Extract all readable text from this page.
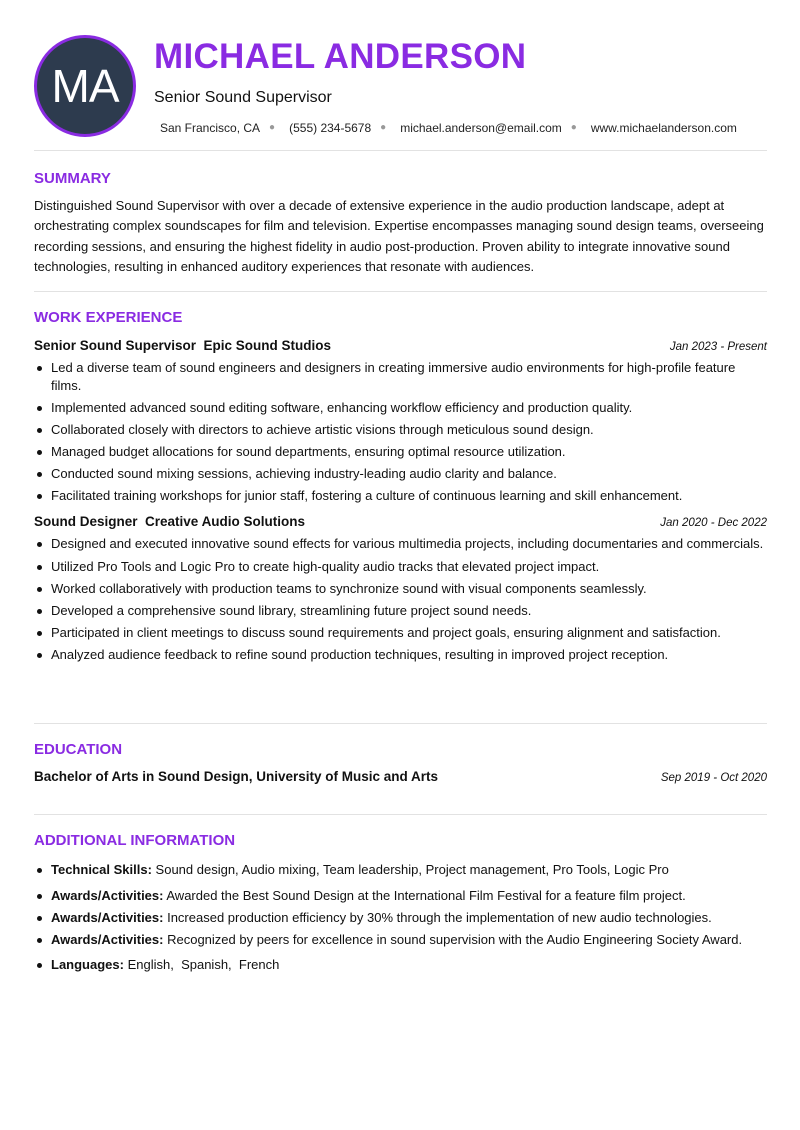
MA
MICHAEL ANDERSON
Senior Sound Supervisor
San Francisco, CA ● (555) 234-5678 ● michael.anderson@email.com ● www.michaelanderson.com
SUMMARY

Distinguished Sound Supervisor with over a decade of extensive experience in the audio production landscape, adept at orchestrating complex soundscapes for film and television. Expertise encompasses managing sound design teams, overseeing recording sessions, and ensuring the highest fidelity in audio post-production. Proven ability to integrate innovative sound technologies, resulting in enhanced auditory experiences that resonate with audiences.

WORK EXPERIENCE
Senior Sound Supervisor Epic Sound Studios	Jan 2023 - Present
Led a diverse team of sound engineers and designers in creating immersive audio environments for high-profile feature films.
Implemented advanced sound editing software, enhancing workflow efficiency and production quality.
Collaborated closely with directors to achieve artistic visions through meticulous sound design.
Managed budget allocations for sound departments, ensuring optimal resource utilization.
Conducted sound mixing sessions, achieving industry-leading audio clarity and balance.
Facilitated training workshops for junior staff, fostering a culture of continuous learning and skill enhancement.
Sound Designer Creative Audio Solutions	Jan 2020 - Dec 2022
Designed and executed innovative sound effects for various multimedia projects, including documentaries and commercials.
Utilized Pro Tools and Logic Pro to create high-quality audio tracks that elevated project impact.
Worked collaboratively with production teams to synchronize sound with visual components seamlessly.
Developed a comprehensive sound library, streamlining future project sound needs.
Participated in client meetings to discuss sound requirements and project goals, ensuring alignment and satisfaction.
Analyzed audience feedback to refine sound production techniques, resulting in improved project reception.
EDUCATION
Bachelor of Arts in Sound Design, University of Music and Arts	Sep 2019 - Oct 2020
ADDITIONAL INFORMATION
Technical Skills: Sound design, Audio mixing, Team leadership, Project management, Pro Tools, Logic Pro
Awards/Activities: Awarded the Best Sound Design at the International Film Festival for a feature film project.
Awards/Activities: Increased production efficiency by 30% through the implementation of new audio technologies.
Awards/Activities: Recognized by peers for excellence in sound supervision with the Audio Engineering Society Award.
Languages: English,  Spanish,  French
